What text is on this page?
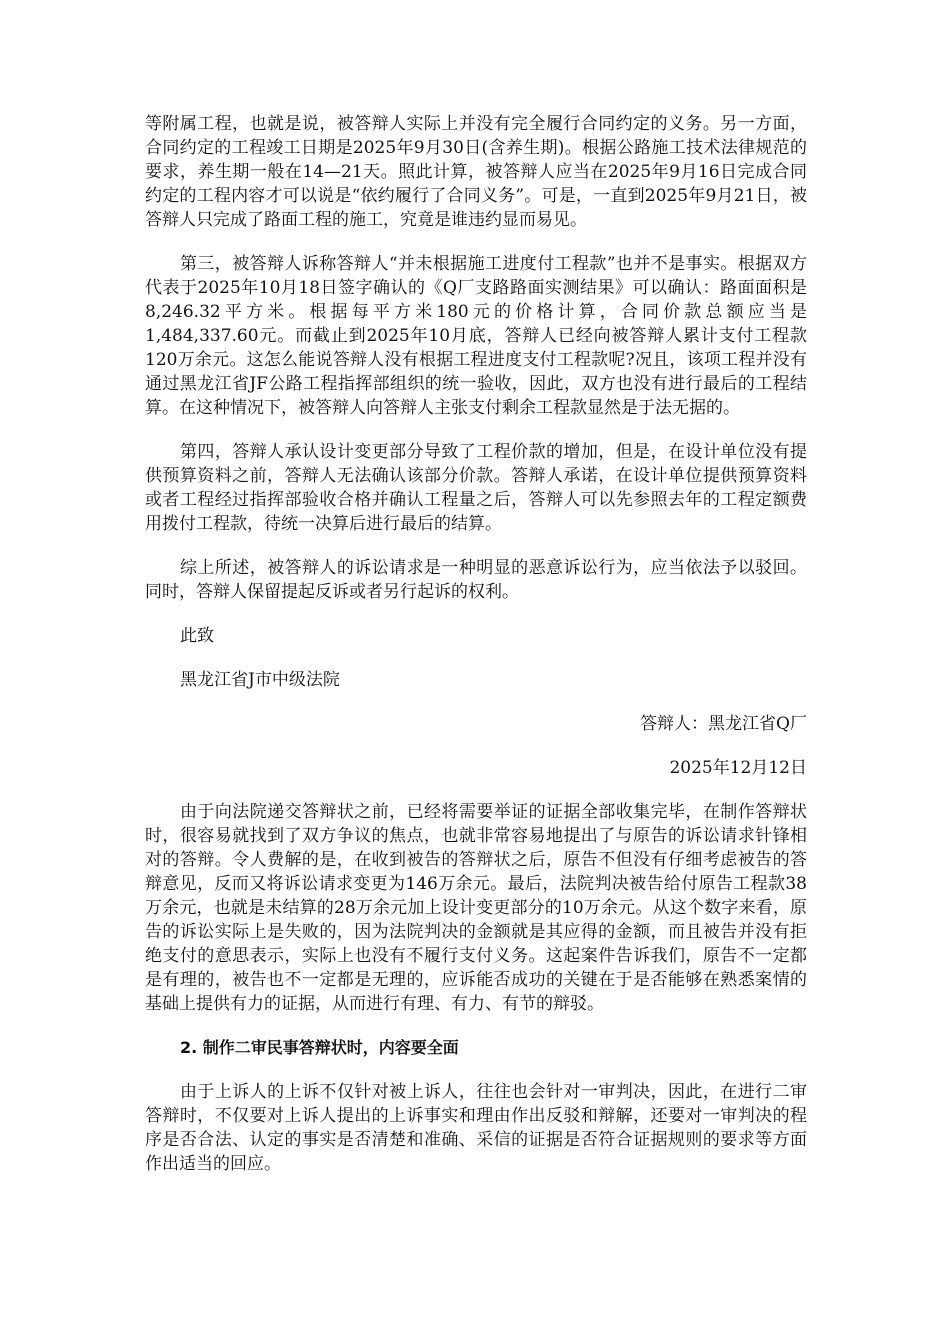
等附属工程，也就是说，被答辩人实际上并没有完全履行合同约定的义务。另一方面，合同约定的工程竣工日期是2025年9月30日(含养生期)。根据公路施工技术法律规范的要求，养生期一般在14—21天。照此计算，被答辩人应当在2025年9月16日完成合同约定的工程内容才可以说是“依约履行了合同义务”。可是，一直到2025年9月21日，被答辩人只完成了路面工程的施工，究竟是谁违约显而易见。

第三，被答辩人诉称答辩人“并未根据施工进度付工程款”也并不是事实。根据双方代表于2025年10月18日签字确认的《Q厂支路路面实测结果》可以确认：路面面积是8,246.32平方米。根据每平方米180元的价格计算，合同价款总额应当是1,484,337.60元。而截止到2025年10月底，答辩人已经向被答辩人累计支付工程款120万余元。这怎么能说答辩人没有根据工程进度支付工程款呢?况且，该项工程并没有通过黑龙江省JF公路工程指挥部组织的统一验收，因此，双方也没有进行最后的工程结算。在这种情况下，被答辩人向答辩人主张支付剩余工程款显然是于法无据的。

第四，答辩人承认设计变更部分导致了工程价款的增加，但是，在设计单位没有提供预算资料之前，答辩人无法确认该部分价款。答辩人承诺，在设计单位提供预算资料或者工程经过指挥部验收合格并确认工程量之后，答辩人可以先参照去年的工程定额费用拨付工程款，待统一决算后进行最后的结算。

综上所述，被答辩人的诉讼请求是一种明显的恶意诉讼行为，应当依法予以驳回。同时，答辩人保留提起反诉或者另行起诉的权利。

此致

黑龙江省J市中级法院

答辩人：黑龙江省Q厂

2025年12月12日

由于向法院递交答辩状之前，已经将需要举证的证据全部收集完毕，在制作答辩状时，很容易就找到了双方争议的焦点，也就非常容易地提出了与原告的诉讼请求针锋相对的答辩。令人费解的是，在收到被告的答辩状之后，原告不但没有仔细考虑被告的答辩意见，反而又将诉讼请求变更为146万余元。最后，法院判决被告给付原告工程款38万余元，也就是未结算的28万余元加上设计变更部分的10万余元。从这个数字来看，原告的诉讼实际上是失败的，因为法院判决的金额就是其应得的金额，而且被告并没有拒绝支付的意思表示，实际上也没有不履行支付义务。这起案件告诉我们，原告不一定都是有理的，被告也不一定都是无理的，应诉能否成功的关键在于是否能够在熟悉案情的基础上提供有力的证据，从而进行有理、有力、有节的辩驳。

2. 制作二审民事答辩状时，内容要全面

由于上诉人的上诉不仅针对被上诉人，往往也会针对一审判决，因此，在进行二审答辩时，不仅要对上诉人提出的上诉事实和理由作出反驳和辩解，还要对一审判决的程序是否合法、认定的事实是否清楚和准确、采信的证据是否符合证据规则的要求等方面作出适当的回应。
